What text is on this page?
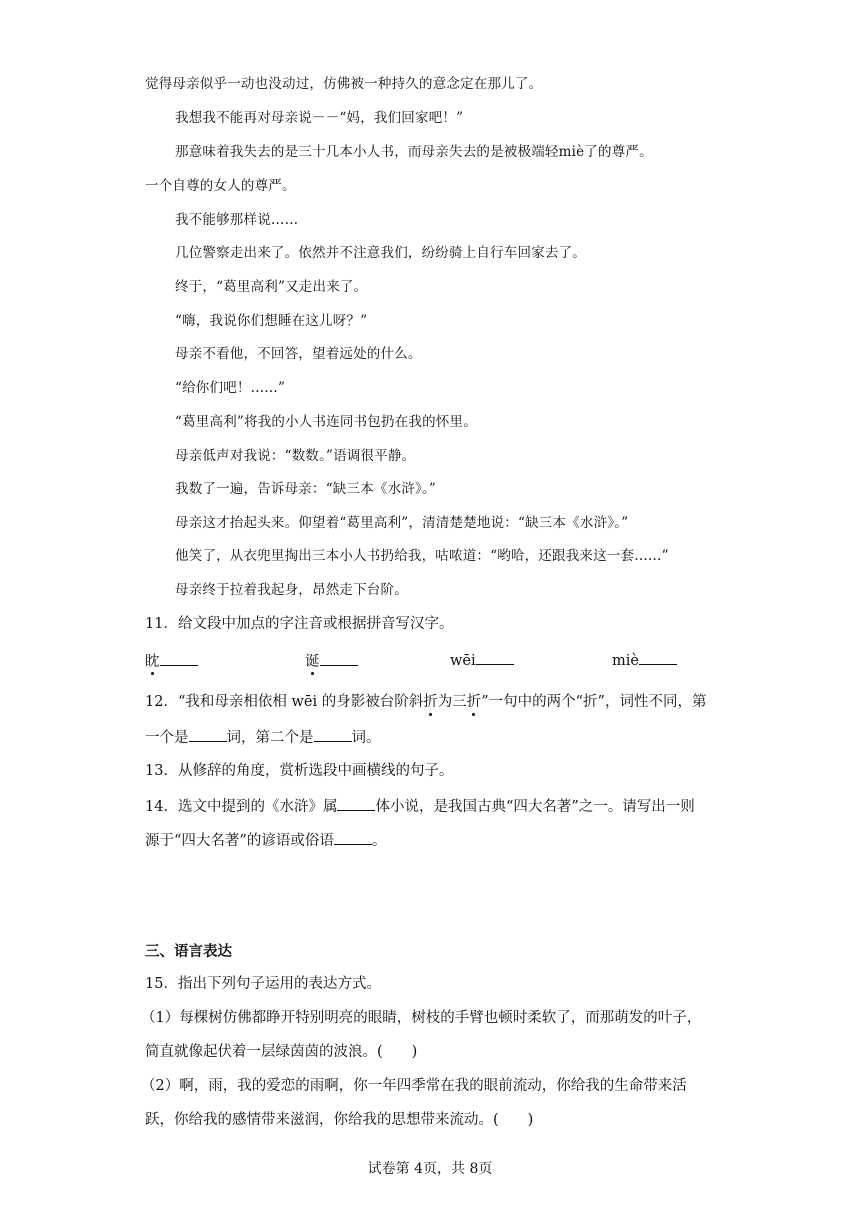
觉得母亲似乎一动也没动过，仿佛被一种持久的意念定在那儿了。
我想我不能再对母亲说－－“妈，我们回家吧！”
那意味着我失去的是三十几本小人书，而母亲失去的是被极端轻miè了的尊严。
一个自尊的女人的尊严。
我不能够那样说……
几位警察走出来了。依然并不注意我们，纷纷骑上自行车回家去了。
终于，“葛里高利”又走出来了。
“嗨，我说你们想睡在这儿呀？”
母亲不看他，不回答，望着远处的什么。
“给你们吧！……”
“葛里高利”将我的小人书连同书包扔在我的怀里。
母亲低声对我说：“数数。”语调很平静。
我数了一遍，告诉母亲：“缺三本《水浒》。”
母亲这才抬起头来。仰望着“葛里高利”，清清楚楚地说：“缺三本《水浒》。”
他笑了，从衣兜里掏出三本小人书扔给我，咕哝道：“哟哈，还跟我来这一套……”
母亲终于拉着我起身，昂然走下台阶。
11．给文段中加点的字注音或根据拼音写汉字。
眈	诞	wēi	miè
12．“我和母亲相依相 wēi 的身影被台阶斜折为三折”一句中的两个“折”，词性不同，第
一个是	词，第二个是	词。
13．从修辞的角度，赏析选段中画横线的句子。
14．选文中提到的《水浒》属	体小说，是我国古典“四大名著”之一。请写出一则
源于“四大名著”的谚语或俗语	。
三、语言表达
15．指出下列句子运用的表达方式。
（1）每棵树仿佛都睁开特别明亮的眼睛，树枝的手臂也顿时柔软了，而那萌发的叶子，
简直就像起伏着一层绿茵茵的波浪。(　　)
（2）啊，雨，我的爱恋的雨啊，你一年四季常在我的眼前流动，你给我的生命带来活
跃，你给我的感情带来滋润，你给我的思想带来流动。(　　)
试卷第 4页，共 8页
